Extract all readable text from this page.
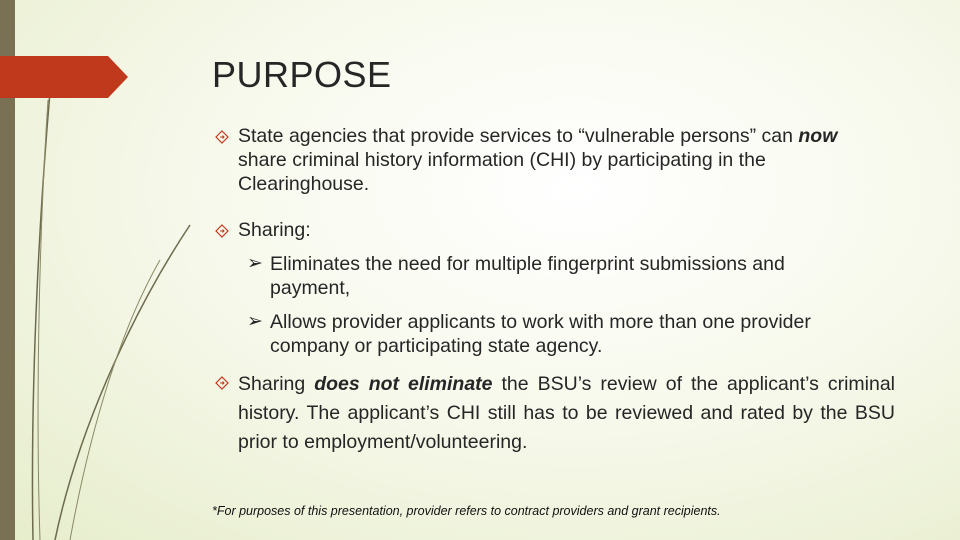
PURPOSE
State agencies that provide services to “vulnerable persons” can now share criminal history information (CHI) by participating in the Clearinghouse.
Sharing:
➢ Eliminates the need for multiple fingerprint submissions and payment,
➢ Allows provider applicants to work with more than one provider company or participating state agency.
Sharing does not eliminate the BSU’s review of the applicant’s criminal history. The applicant’s CHI still has to be reviewed and rated by the BSU prior to employment/volunteering.
*For purposes of this presentation, provider refers to contract providers and grant recipients.
